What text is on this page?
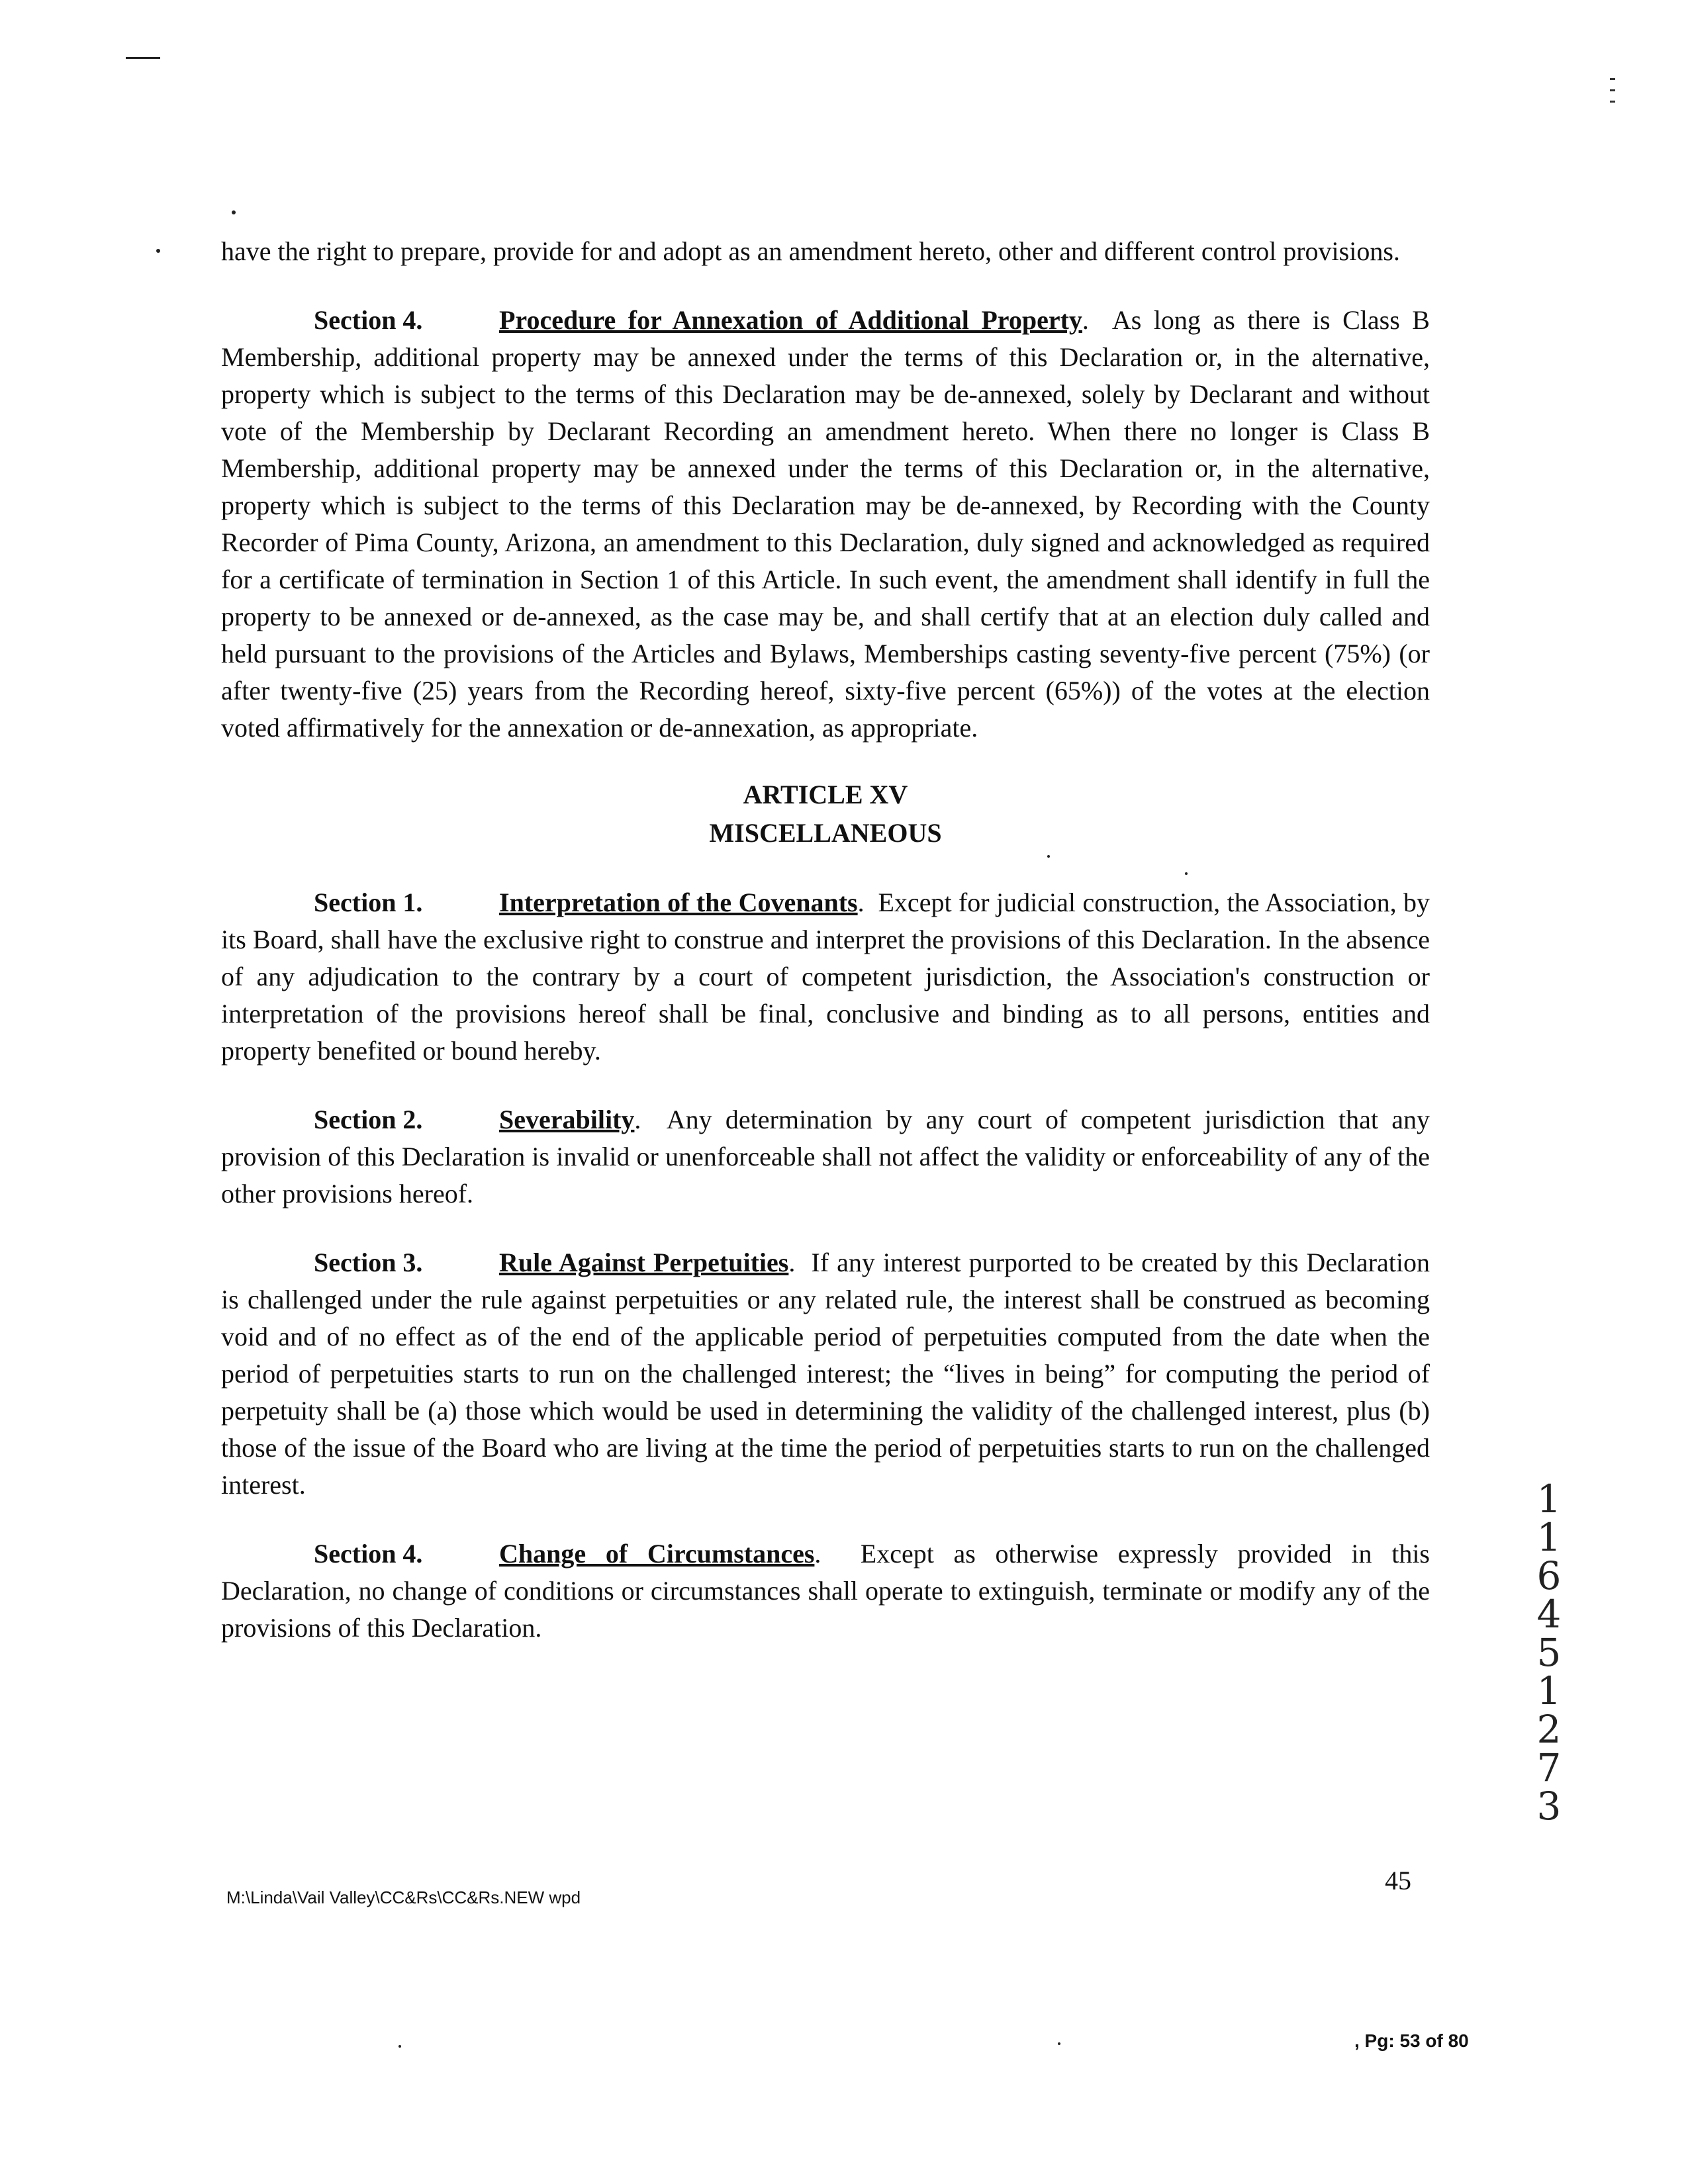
have the right to prepare, provide for and adopt as an amendment hereto, other and different control provisions.

Section 4.	Procedure for Annexation of Additional Property.  As long as there is Class B Membership, additional property may be annexed under the terms of this Declaration or, in the alternative, property which is subject to the terms of this Declaration may be de-annexed, solely by Declarant and without vote of the Membership by Declarant Recording an amendment hereto. When there no longer is Class B Membership, additional property may be annexed under the terms of this Declaration or, in the alternative, property which is subject to the terms of this Declaration may be de-annexed, by Recording with the County Recorder of Pima County, Arizona, an amendment to this Declaration, duly signed and acknowledged as required for a certificate of termination in Section 1 of this Article. In such event, the amendment shall identify in full the property to be annexed or de-annexed, as the case may be, and shall certify that at an election duly called and held pursuant to the provisions of the Articles and Bylaws, Memberships casting seventy-five percent (75%) (or after twenty-five (25) years from the Recording hereof, sixty-five percent (65%)) of the votes at the election voted affirmatively for the annexation or de-annexation, as appropriate.

ARTICLE XV
MISCELLANEOUS

Section 1.	Interpretation of the Covenants.  Except for judicial construction, the Association, by its Board, shall have the exclusive right to construe and interpret the provisions of this Declaration. In the absence of any adjudication to the contrary by a court of competent jurisdiction, the Association's construction or interpretation of the provisions hereof shall be final, conclusive and binding as to all persons, entities and property benefited or bound hereby.

Section 2.	Severability.  Any determination by any court of competent jurisdiction that any provision of this Declaration is invalid or unenforceable shall not affect the validity or enforceability of any of the other provisions hereof.

Section 3.	Rule Against Perpetuities.  If any interest purported to be created by this Declaration is challenged under the rule against perpetuities or any related rule, the interest shall be construed as becoming void and of no effect as of the end of the applicable period of perpetuities computed from the date when the period of perpetuities starts to run on the challenged interest; the “lives in being” for computing the period of perpetuity shall be (a) those which would be used in determining the validity of the challenged interest, plus (b) those of the issue of the Board who are living at the time the period of perpetuities starts to run on the challenged interest.

Section 4.	Change of Circumstances.  Except as otherwise expressly provided in this Declaration, no change of conditions or circumstances shall operate to extinguish, terminate or modify any of the provisions of this Declaration.

1
1
6
4
5
1
2
7
3
M:\Linda\Vail Valley\CC&Rs\CC&Rs.NEW wpd
45
, Pg: 53 of 80
